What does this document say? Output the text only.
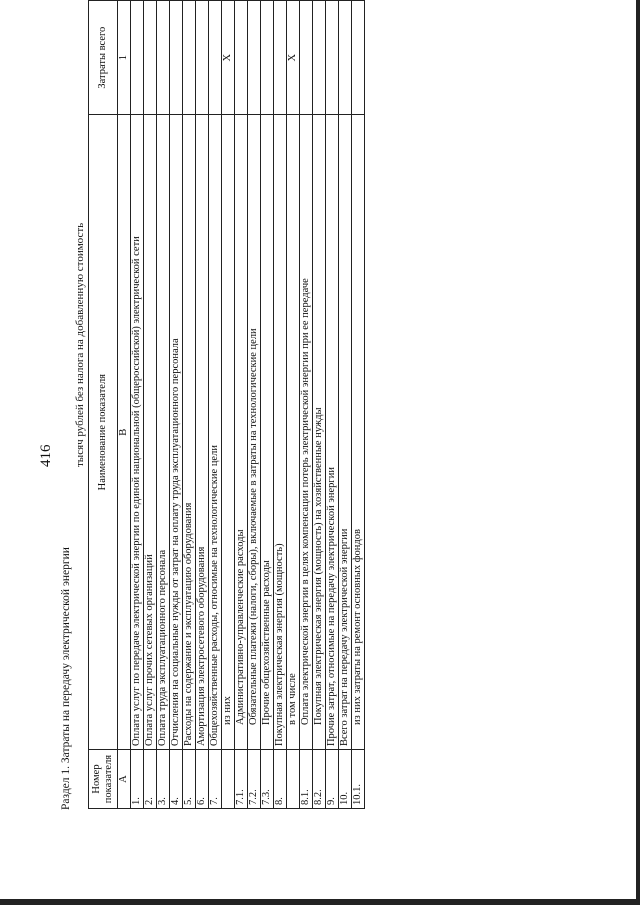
Раздел 1. Затраты на передачу электрической энергии
416 тысяч рублей без налога на добавленную стоимость
Номер показателя	Наименование показателя	Затраты всего
А	В	1
1.	Оплата услуг по передаче электрической энергии по единой национальной (общероссийской) электрической сети	
2.	Оплата услуг прочих сетевых организаций	
3.	Оплата труда эксплуатационного персонала	
4.	Отчисления на социальные нужды от затрат на оплату труда эксплуатационного персонала	
5.	Расходы на содержание и эксплуатацию оборудования	
6.	Амортизация электросетевого оборудования	
7.	Общехозяйственные расходы, относимые на технологические цели	
	из них	X
7.1.	Административно-управленческие расходы	
7.2.	Обязательные платежи (налоги, сборы), включаемые в затраты на технологические цели	
7.3.	Прочие общехозяйственные расходы	
8.	Покупная электрическая энергия (мощность)	
	в том числе	X
8.1.	Оплата электрической энергии в целях компенсации потерь электрической энергии при ее передаче	
8.2.	Покупная электрическая энергия (мощность) на хозяйственные нужды	
9.	Прочие затрат, относимые на передачу электрической энергии	
10.	Всего затрат на передачу электрической энергии	
10.1.	из них затраты на ремонт основных фондов	
